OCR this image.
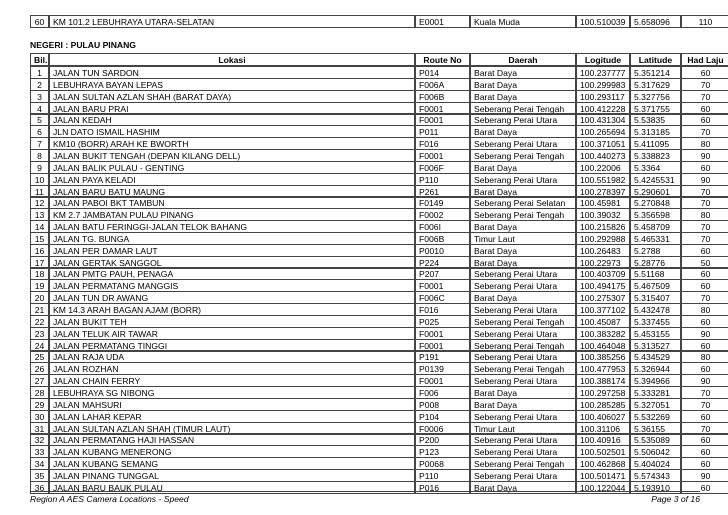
60	KM 101.2 LEBUHRAYA UTARA-SELATAN	E0001	Kuala Muda	100.510039 5.658096	110
NEGERI : PULAU PINANG
Bil.	Lokasi	Route No	Daerah	Logitude	Latitude	Had Laju
1	JALAN TUN SARDON	P014	Barat Daya	100.237777 5.351214	60
2	LEBUHRAYA BAYAN LEPAS	F006A	Barat Daya	100.299983 5.317629	70
3	JALAN SULTAN AZLAN SHAH (BARAT DAYA)	F006B	Barat Daya	100.293117	5.327756	70
4	JALAN BARU PRAI	F0001	Seberang Perai Tengah	100.412228 5.371755	60
5	JALAN KEDAH	F0001	Seberang Perai Utara	100.431304 5.53835	60
6	JLN DATO ISMAIL HASHIM	P011	Barat Daya	100.265694 5.313185	70
7	KM10 (BORR) ARAH KE BWORTH	F016	Seberang Perai Utara	100.371051 5.411095	80
8	JALAN BUKIT TENGAH (DEPAN KILANG DELL)	F0001	Seberang Perai Tengah	100.440273 5.338823	90
9	JALAN BALIK PULAU - GENTING	F006F	Barat Daya	100.22006	5.3364	60
10	JALAN PAYA KELADI	P110	Seberang Perai Utara	100.551982 5.4245531	90
11	JALAN BARU BATU MAUNG	P261	Barat Daya	100.278397 5.290601	70
12	JALAN PABOI BKT TAMBUN	F0149	Seberang Perai Selatan	100.45981	5.270848	70
13	KM 2.7 JAMBATAN PULAU PINANG	F0002	Seberang Perai Tengah	100.39032	5.356598	80
14	JALAN BATU FERINGGI-JALAN TELOK BAHANG	F006I	Barat Daya	100.215826 5.458709	70
15	JALAN TG. BUNGA	F006B	Timur Laut	100.292988 5.465331	70
16	JALAN PER DAMAR LAUT	P0010	Barat Daya	100.26483	5.2788	60
17	JALAN GERTAK SANGGOL	P224	Barat Daya	100.22973	5.28776	50
18	JALAN PMTG PAUH, PENAGA	P207	Seberang Perai Utara	100.403709 5.51168	60
19	JALAN PERMATANG MANGGIS	F0001	Seberang Perai Utara	100.494175 5.467509	60
20	JALAN TUN DR AWANG	F006C	Barat Daya	100.275307 5.315407	70
21	KM 14.3 ARAH BAGAN AJAM (BORR)	F016	Seberang Perai Utara	100.377102 5.432478	80
22	JALAN BUKIT TEH	P025	Seberang Perai Tengah	100.45087	5.337455	60
23	JALAN TELUK AIR TAWAR	F0001	Seberang Perai Utara	100.383282 5.453155	90
24	JALAN PERMATANG TINGGI	F0001	Seberang Perai Tengah	100.464048 5.313527	60
25	JALAN RAJA UDA	P191	Seberang Perai Utara	100.385256 5.434529	80
26	JALAN ROZHAN	P0139	Seberang Perai Tengah	100.477953 5.326944	60
27	JALAN CHAIN FERRY	F0001	Seberang Perai Utara	100.388174 5.394966	90
28	LEBUHRAYA SG NIBONG	F006	Barat Daya	100.297258 5.333281	70
29	JALAN MAHSURI	P008	Barat Daya	100.285285 5.327051	70
30	JALAN LAHAR KEPAR	P104	Seberang Perai Utara	100.406027 5.532269	60
31	JALAN SULTAN AZLAN SHAH (TIMUR LAUT)	F0006	Timur Laut	100.31106	5.36155	70
32	JALAN PERMATANG HAJI HASSAN	P200	Seberang Perai Utara	100.40916	5.535089	60
33	JALAN KUBANG MENERONG	P123	Seberang Perai Utara	100.502501 5.506042	60
34	JALAN KUBANG SEMANG	P0068	Seberang Perai Tengah	100.462868 5.404024	60
35	JALAN PINANG TUNGGAL	P110	Seberang Perai Utara	100.501471 5.574343	90
36	JALAN BARU BAUK PULAU	P016	Barat Daya	100.122044 5.193910	60
Region A AES Camera Locations - Speed	Page 3 of 16
